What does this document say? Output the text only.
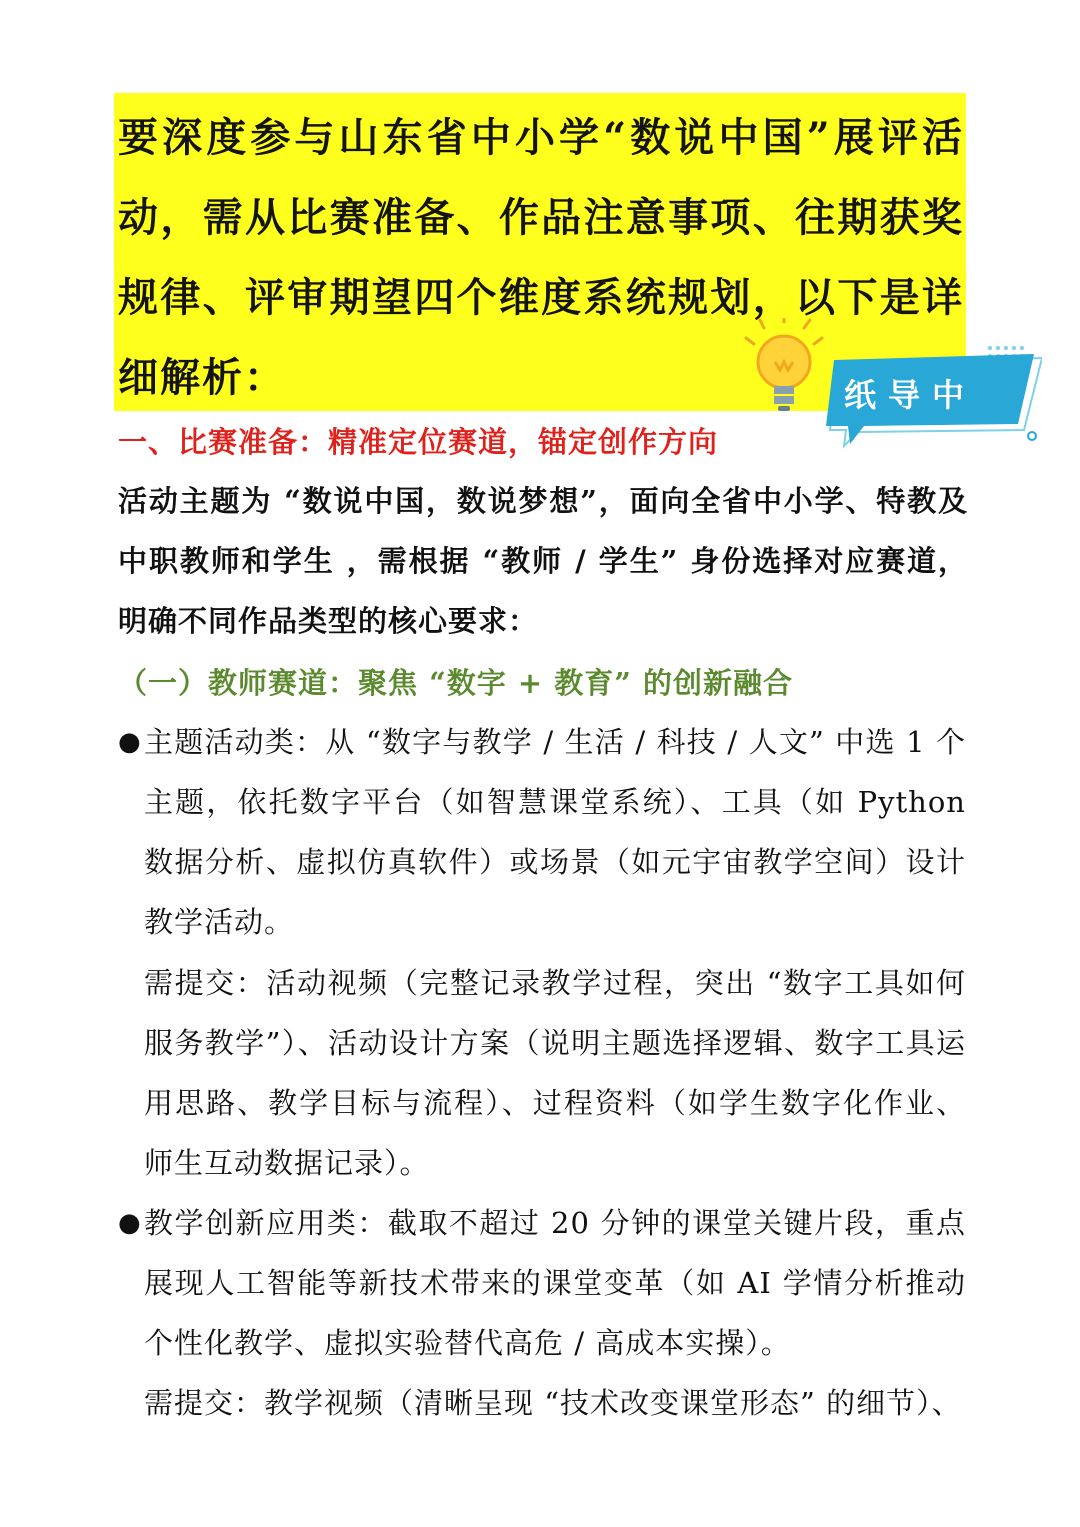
要深度参与山东省中小学“数说中国”展评活动，需从比赛准备、作品注意事项、往期获奖规律、评审期望四个维度系统规划，以下是详细解析：	纸导中
一、比赛准备：精准定位赛道，锚定创作方向

活动主题为 “数说中国，数说梦想”，面向全省中小学、特教及中职教师和学生 ，需根据 “教师 / 学生” 身份选择对应赛道，明确不同作品类型的核心要求：

（一）教师赛道：聚焦 “数字 + 教育” 的创新融合
● 主题活动类：从 “数字与教学 / 生活 / 科技 / 人文” 中选 1 个主题，依托数字平台（如智慧课堂系统）、工具（如 Python 数据分析、虚拟仿真软件）或场景（如元宇宙教学空间）设计教学活动。

需提交：活动视频（完整记录教学过程，突出 “数字工具如何服务教学”）、活动设计方案（说明主题选择逻辑、数字工具运用思路、教学目标与流程）、过程资料（如学生数字化作业、师生互动数据记录）。

● 教学创新应用类：截取不超过 20 分钟的课堂关键片段，重点展现人工智能等新技术带来的课堂变革（如 AI 学情分析推动个性化教学、虚拟实验替代高危 / 高成本实操）。

需提交：教学视频（清晰呈现 “技术改变课堂形态” 的细节）、
